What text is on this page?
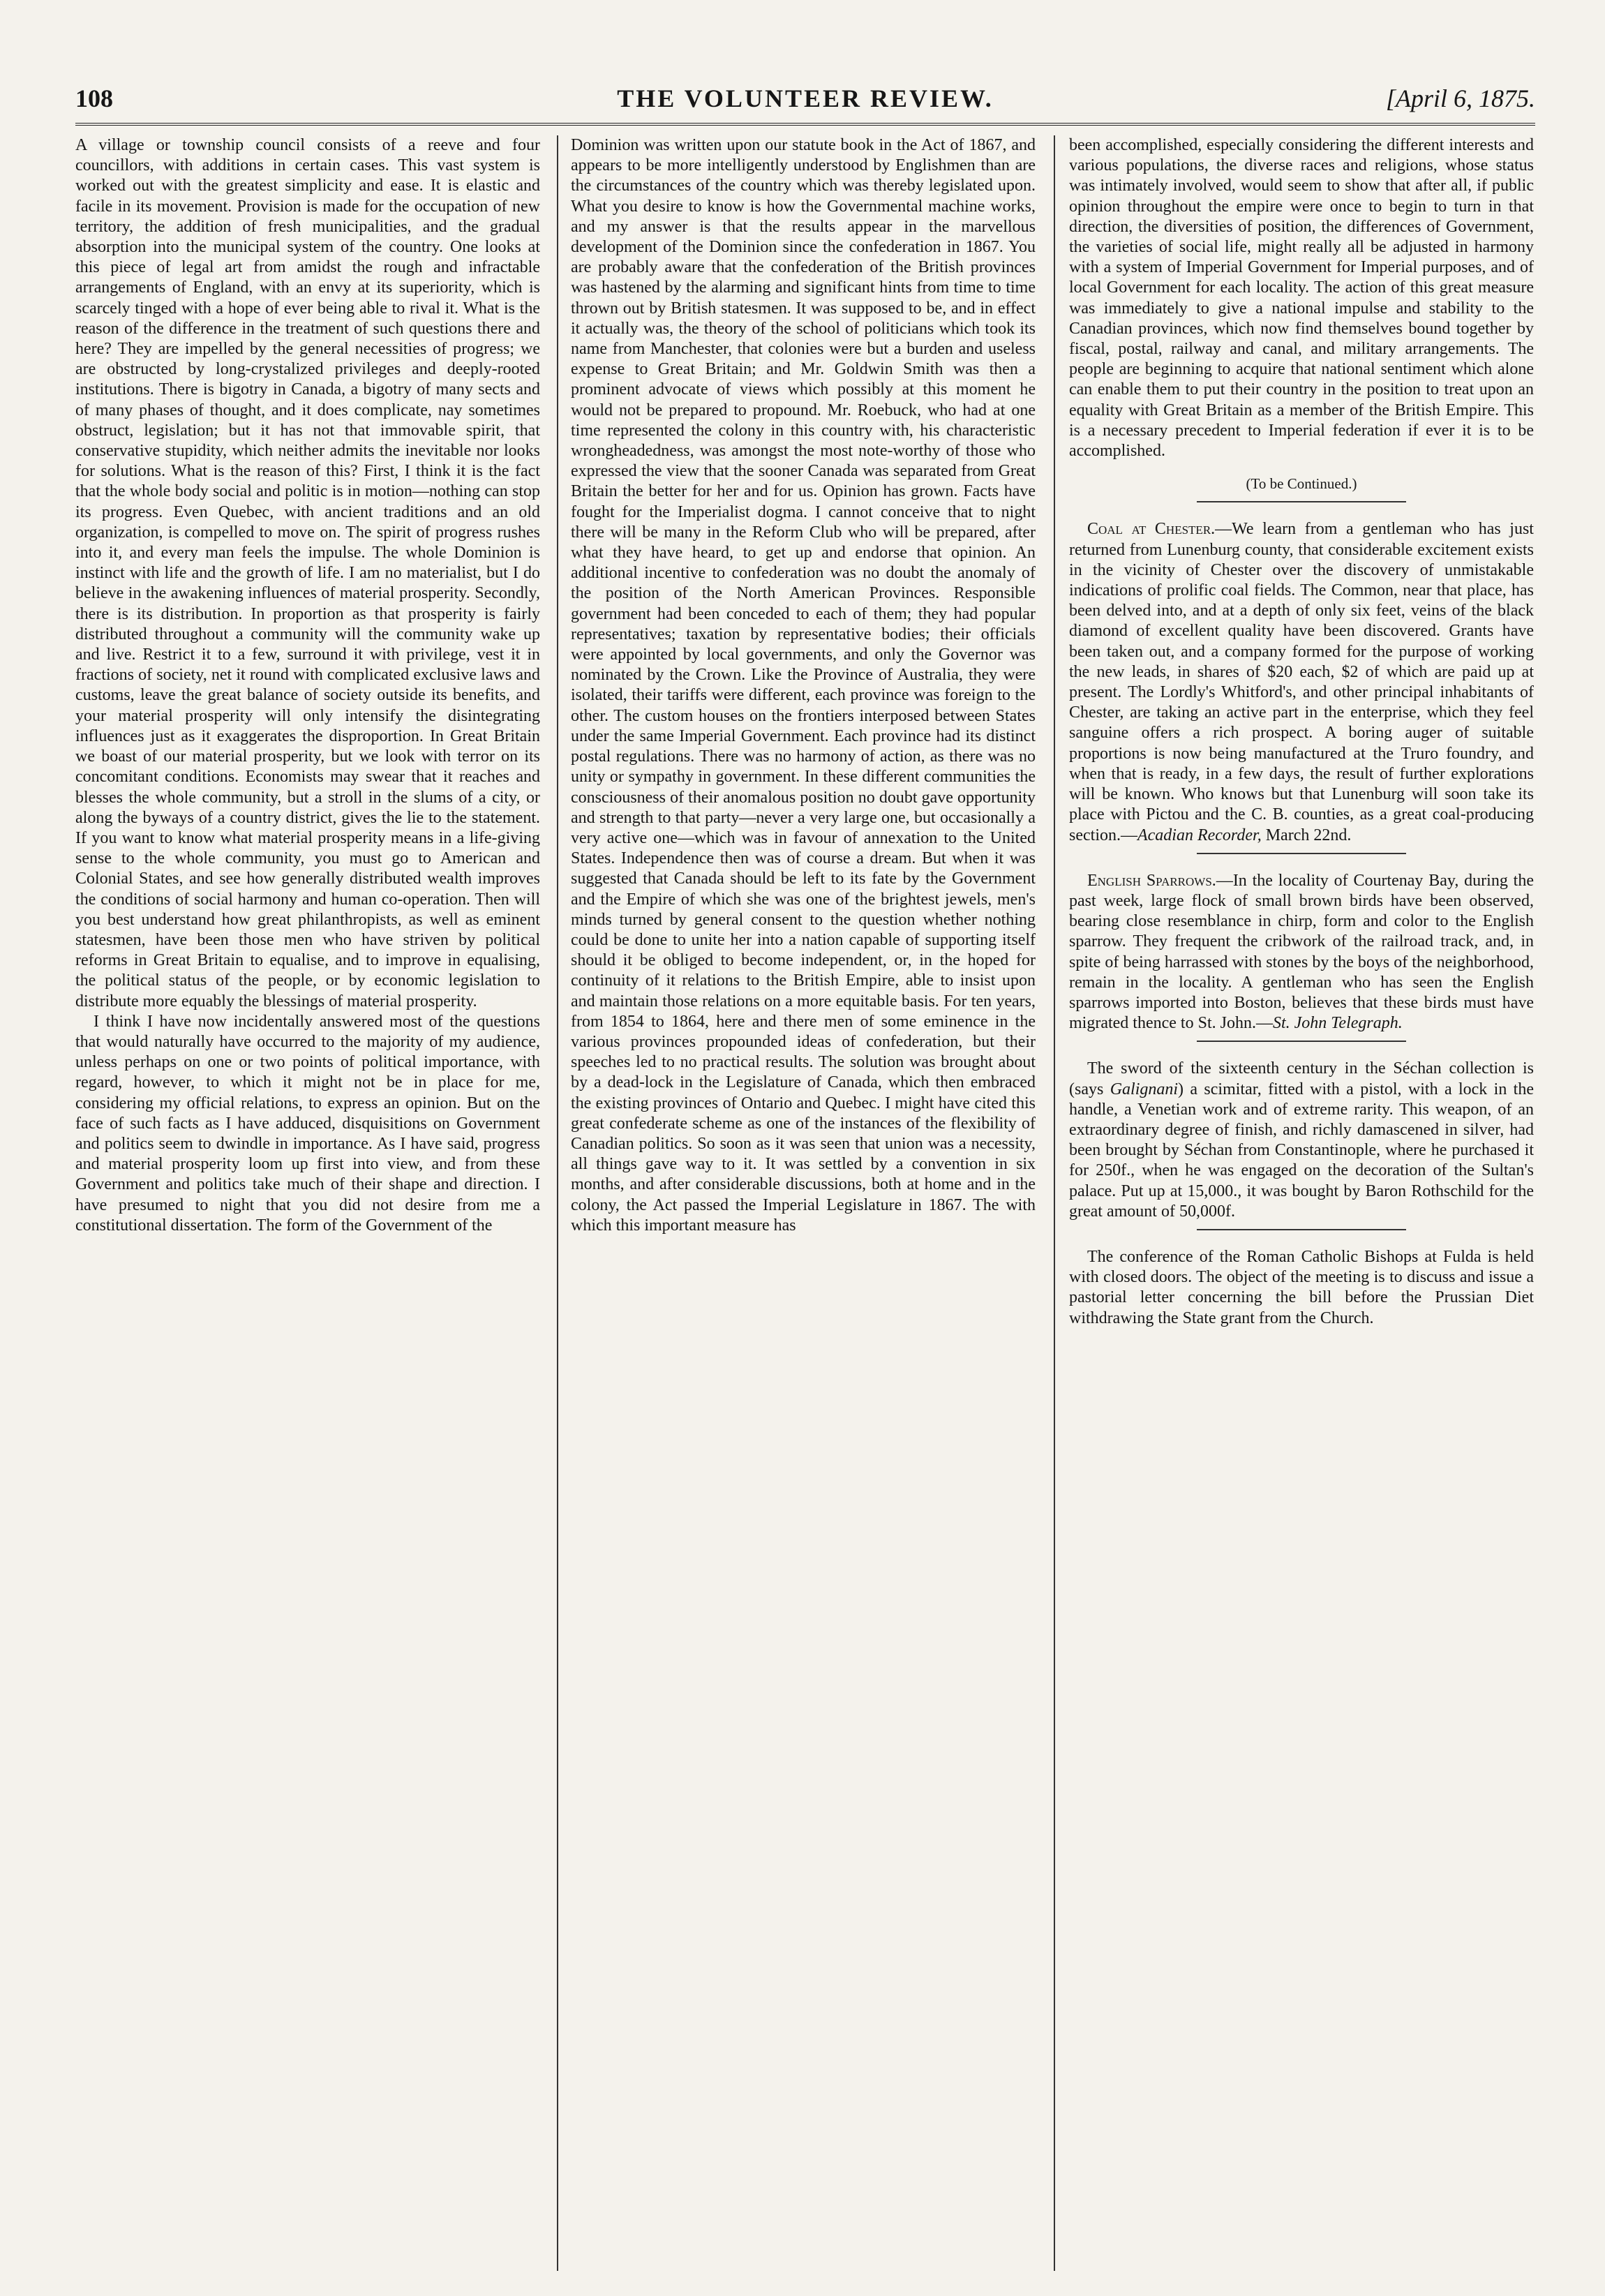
108	THE VOLUNTEER REVIEW.	[April 6, 1875.

A village or township council consists of a reeve and four councillors, with additions in certain cases. This vast system is worked out with the greatest simplicity and ease. It is elastic and facile in its movement. Provision is made for the occupation of new territory, the addition of fresh municipalities, and the gradual absorption into the municipal system of the country. One looks at this piece of legal art from amidst the rough and infractable arrangements of England, with an envy at its superiority, which is scarcely tinged with a hope of ever being able to rival it. What is the reason of the difference in the treatment of such questions there and here? They are impelled by the general necessities of progress; we are obstructed by long-crystalized privileges and deeply-rooted institutions. There is bigotry in Canada, a bigotry of many sects and of many phases of thought, and it does complicate, nay sometimes obstruct, legislation; but it has not that immovable spirit, that conservative stupidity, which neither admits the inevitable nor looks for solutions. What is the reason of this? First, I think it is the fact that the whole body social and politic is in motion—nothing can stop its progress. Even Quebec, with ancient traditions and an old organization, is compelled to move on. The spirit of progress rushes into it, and every man feels the impulse. The whole Dominion is instinct with life and the growth of life. I am no materialist, but I do believe in the awakening influences of material prosperity. Secondly, there is its distribution. In proportion as that prosperity is fairly distributed throughout a community will the community wake up and live. Restrict it to a few, surround it with privilege, vest it in fractions of society, net it round with complicated exclusive laws and customs, leave the great balance of society outside its benefits, and your material prosperity will only intensify the disintegrating influences just as it exaggerates the disproportion. In Great Britain we boast of our material prosperity, but we look with terror on its concomitant conditions. Economists may swear that it reaches and blesses the whole community, but a stroll in the slums of a city, or along the byways of a country district, gives the lie to the statement. If you want to know what material prosperity means in a life-giving sense to the whole community, you must go to American and Colonial States, and see how generally distributed wealth improves the conditions of social harmony and human co-operation. Then will you best understand how great philanthropists, as well as eminent statesmen, have been those men who have striven by political reforms in Great Britain to equalise, and to improve in equalising, the political status of the people, or by economic legislation to distribute more equably the blessings of material prosperity.

I think I have now incidentally answered most of the questions that would naturally have occurred to the majority of my audience, unless perhaps on one or two points of political importance, with regard, however, to which it might not be in place for me, considering my official relations, to express an opinion. But on the face of such facts as I have adduced, disquisitions on Government and politics seem to dwindle in importance. As I have said, progress and material prosperity loom up first into view, and from these Government and politics take much of their shape and direction. I have presumed to night that you did not desire from me a constitutional dissertation. The form of the Government of the

Dominion was written upon our statute book in the Act of 1867, and appears to be more intelligently understood by Englishmen than are the circumstances of the country which was thereby legislated upon. What you desire to know is how the Governmental machine works, and my answer is that the results appear in the marvellous development of the Dominion since the confederation in 1867. You are probably aware that the confederation of the British provinces was hastened by the alarming and significant hints from time to time thrown out by British statesmen. It was supposed to be, and in effect it actually was, the theory of the school of politicians which took its name from Manchester, that colonies were but a burden and useless expense to Great Britain; and Mr. Goldwin Smith was then a prominent advocate of views which possibly at this moment he would not be prepared to propound. Mr. Roebuck, who had at one time represented the colony in this country with, his characteristic wrongheadedness, was amongst the most note-worthy of those who expressed the view that the sooner Canada was separated from Great Britain the better for her and for us. Opinion has grown. Facts have fought for the Imperialist dogma. I cannot conceive that to night there will be many in the Reform Club who will be prepared, after what they have heard, to get up and endorse that opinion. An additional incentive to confederation was no doubt the anomaly of the position of the North American Provinces. Responsible government had been conceded to each of them; they had popular representatives; taxation by representative bodies; their officials were appointed by local governments, and only the Governor was nominated by the Crown. Like the Province of Australia, they were isolated, their tariffs were different, each province was foreign to the other. The custom houses on the frontiers interposed between States under the same Imperial Government. Each province had its distinct postal regulations. There was no harmony of action, as there was no unity or sympathy in government. In these different communities the consciousness of their anomalous position no doubt gave opportunity and strength to that party—never a very large one, but occasionally a very active one—which was in favour of annexation to the United States. Independence then was of course a dream. But when it was suggested that Canada should be left to its fate by the Government and the Empire of which she was one of the brightest jewels, men's minds turned by general consent to the question whether nothing could be done to unite her into a nation capable of supporting itself should it be obliged to become independent, or, in the hoped for continuity of it relations to the British Empire, able to insist upon and maintain those relations on a more equitable basis. For ten years, from 1854 to 1864, here and there men of some eminence in the various provinces propounded ideas of confederation, but their speeches led to no practical results. The solution was brought about by a dead-lock in the Legislature of Canada, which then embraced the existing provinces of Ontario and Quebec. I might have cited this great confederate scheme as one of the instances of the flexibility of Canadian politics. So soon as it was seen that union was a necessity, all things gave way to it. It was settled by a convention in six months, and after considerable discussions, both at home and in the colony, the Act passed the Imperial Legislature in 1867. The with which this important measure has

been accomplished, especially considering the different interests and various populations, the diverse races and religions, whose status was intimately involved, would seem to show that after all, if public opinion throughout the empire were once to begin to turn in that direction, the diversities of position, the differences of Government, the varieties of social life, might really all be adjusted in harmony with a system of Imperial Government for Imperial purposes, and of local Government for each locality. The action of this great measure was immediately to give a national impulse and stability to the Canadian provinces, which now find themselves bound together by fiscal, postal, railway and canal, and military arrangements. The people are beginning to acquire that national sentiment which alone can enable them to put their country in the position to treat upon an equality with Great Britain as a member of the British Empire. This is a necessary precedent to Imperial federation if ever it is to be accomplished.

(To be Continued.)

Coal at Chester.—We learn from a gentleman who has just returned from Lunenburg county, that considerable excitement exists in the vicinity of Chester over the discovery of unmistakable indications of prolific coal fields. The Common, near that place, has been delved into, and at a depth of only six feet, veins of the black diamond of excellent quality have been discovered. Grants have been taken out, and a company formed for the purpose of working the new leads, in shares of $20 each, $2 of which are paid up at present. The Lordly's Whitford's, and other principal inhabitants of Chester, are taking an active part in the enterprise, which they feel sanguine offers a rich prospect. A boring auger of suitable proportions is now being manufactured at the Truro foundry, and when that is ready, in a few days, the result of further explorations will be known. Who knows but that Lunenburg will soon take its place with Pictou and the C. B. counties, as a great coal-producing section.—Acadian Recorder, March 22nd.

English Sparrows.—In the locality of Courtenay Bay, during the past week, large flock of small brown birds have been observed, bearing close resemblance in chirp, form and color to the English sparrow. They frequent the cribwork of the railroad track, and, in spite of being harrassed with stones by the boys of the neighborhood, remain in the locality. A gentleman who has seen the English sparrows imported into Boston, believes that these birds must have migrated thence to St. John.—St. John Telegraph.

The sword of the sixteenth century in the Séchan collection is (says Galignani) a scimitar, fitted with a pistol, with a lock in the handle, a Venetian work and of extreme rarity. This weapon, of an extraordinary degree of finish, and richly damascened in silver, had been brought by Séchan from Constantinople, where he purchased it for 250f., when he was engaged on the decoration of the Sultan's palace. Put up at 15,000., it was bought by Baron Rothschild for the great amount of 50,000f.

The conference of the Roman Catholic Bishops at Fulda is held with closed doors. The object of the meeting is to discuss and issue a pastorial letter concerning the bill before the Prussian Diet withdrawing the State grant from the Church.
